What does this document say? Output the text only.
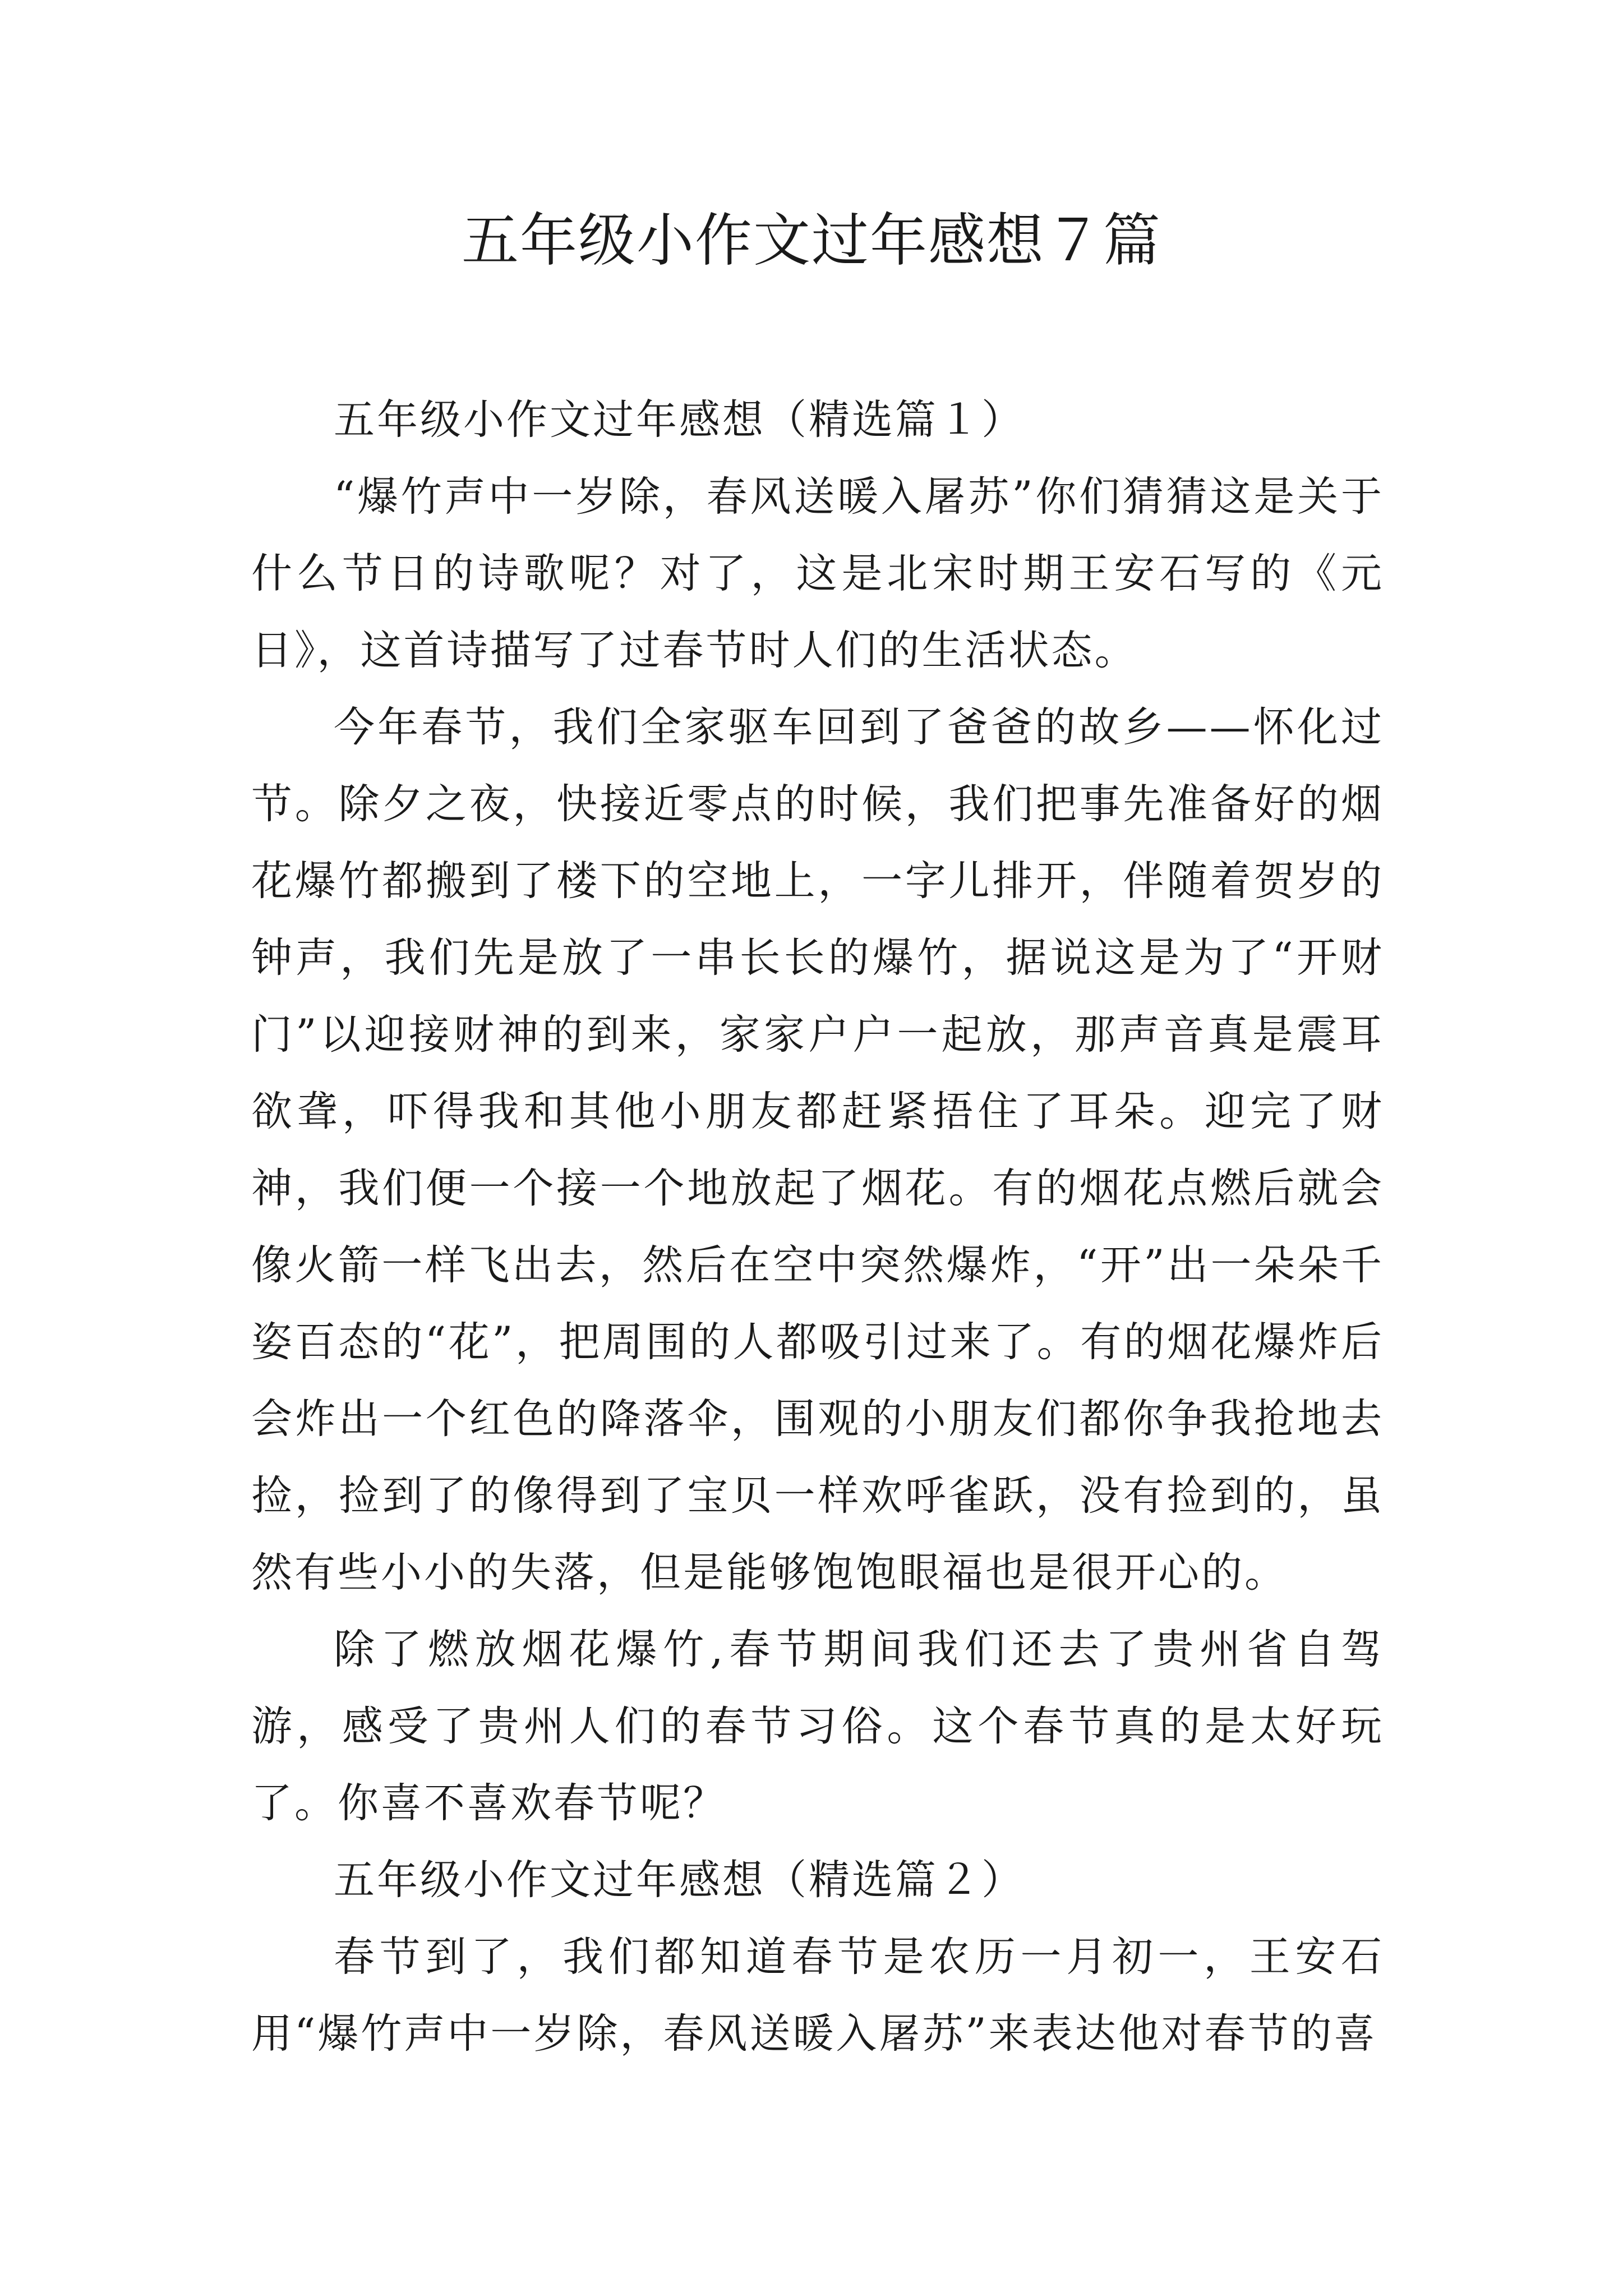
五年级小作文过年感想７篇

五年级小作文过年感想（精选篇１）

“爆竹声中一岁除，春风送暖入屠苏”你们猜猜这是关于什么节日的诗歌呢？对了，这是北宋时期王安石写的《元日》，这首诗描写了过春节时人们的生活状态。

今年春节，我们全家驱车回到了爸爸的故乡——怀化过节。除夕之夜，快接近零点的时候，我们把事先准备好的烟花爆竹都搬到了楼下的空地上，一字儿排开，伴随着贺岁的钟声，我们先是放了一串长长的爆竹，据说这是为了“开财门”以迎接财神的到来，家家户户一起放，那声音真是震耳欲聋，吓得我和其他小朋友都赶紧捂住了耳朵。迎完了财神，我们便一个接一个地放起了烟花。有的烟花点燃后就会像火箭一样飞出去，然后在空中突然爆炸，“开”出一朵朵千姿百态的“花”，把周围的人都吸引过来了。有的烟花爆炸后会炸出一个红色的降落伞，围观的小朋友们都你争我抢地去捡，捡到了的像得到了宝贝一样欢呼雀跃，没有捡到的，虽然有些小小的失落，但是能够饱饱眼福也是很开心的。

除了燃放烟花爆竹,春节期间我们还去了贵州省自驾游，感受了贵州人们的春节习俗。这个春节真的是太好玩了。你喜不喜欢春节呢？

五年级小作文过年感想（精选篇２）

春节到了，我们都知道春节是农历一月初一，王安石用“爆竹声中一岁除，春风送暖入屠苏”来表达他对春节的喜
